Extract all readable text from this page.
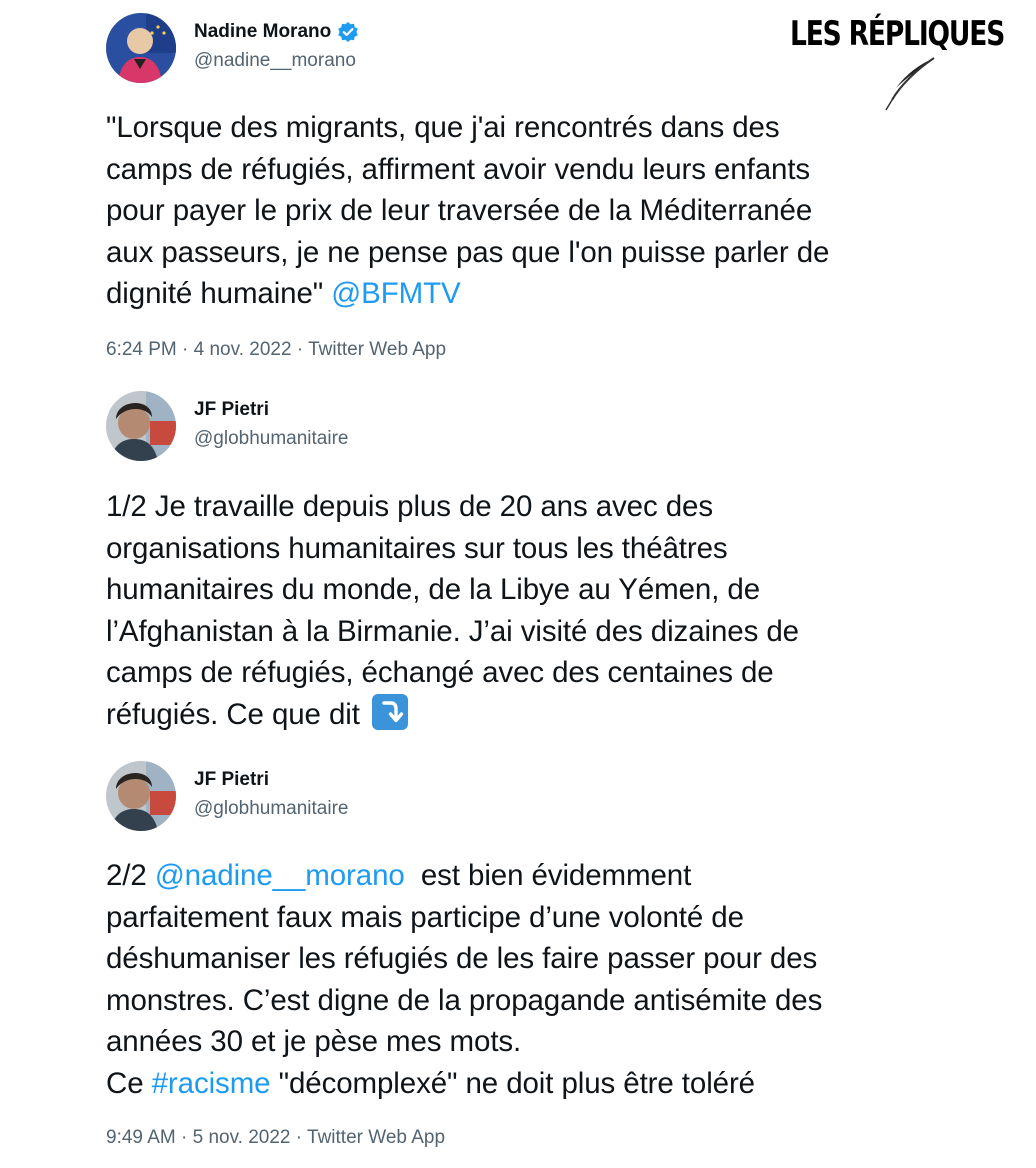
LES RÉPLIQUES
Nadine Morano
@nadine__morano
"Lorsque des migrants, que j'ai rencontrés dans des
camps de réfugiés, affirment avoir vendu leurs enfants
pour payer le prix de leur traversée de la Méditerranée
aux passeurs, je ne pense pas que l'on puisse parler de
dignité humaine" @BFMTV
6:24 PM · 4 nov. 2022 · Twitter Web App
JF Pietri
@globhumanitaire
1/2 Je travaille depuis plus de 20 ans avec des
organisations humanitaires sur tous les théâtres
humanitaires du monde, de la Libye au Yémen, de
l’Afghanistan à la Birmanie. J’ai visité des dizaines de
camps de réfugiés, échangé avec des centaines de
réfugiés. Ce que dit
JF Pietri
@globhumanitaire
2/2 @nadine__morano  est bien évidemment
parfaitement faux mais participe d’une volonté de
déshumaniser les réfugiés de les faire passer pour des
monstres. C’est digne de la propagande antisémite des
années 30 et je pèse mes mots.
Ce #racisme "décomplexé" ne doit plus être toléré
9:49 AM · 5 nov. 2022 · Twitter Web App
